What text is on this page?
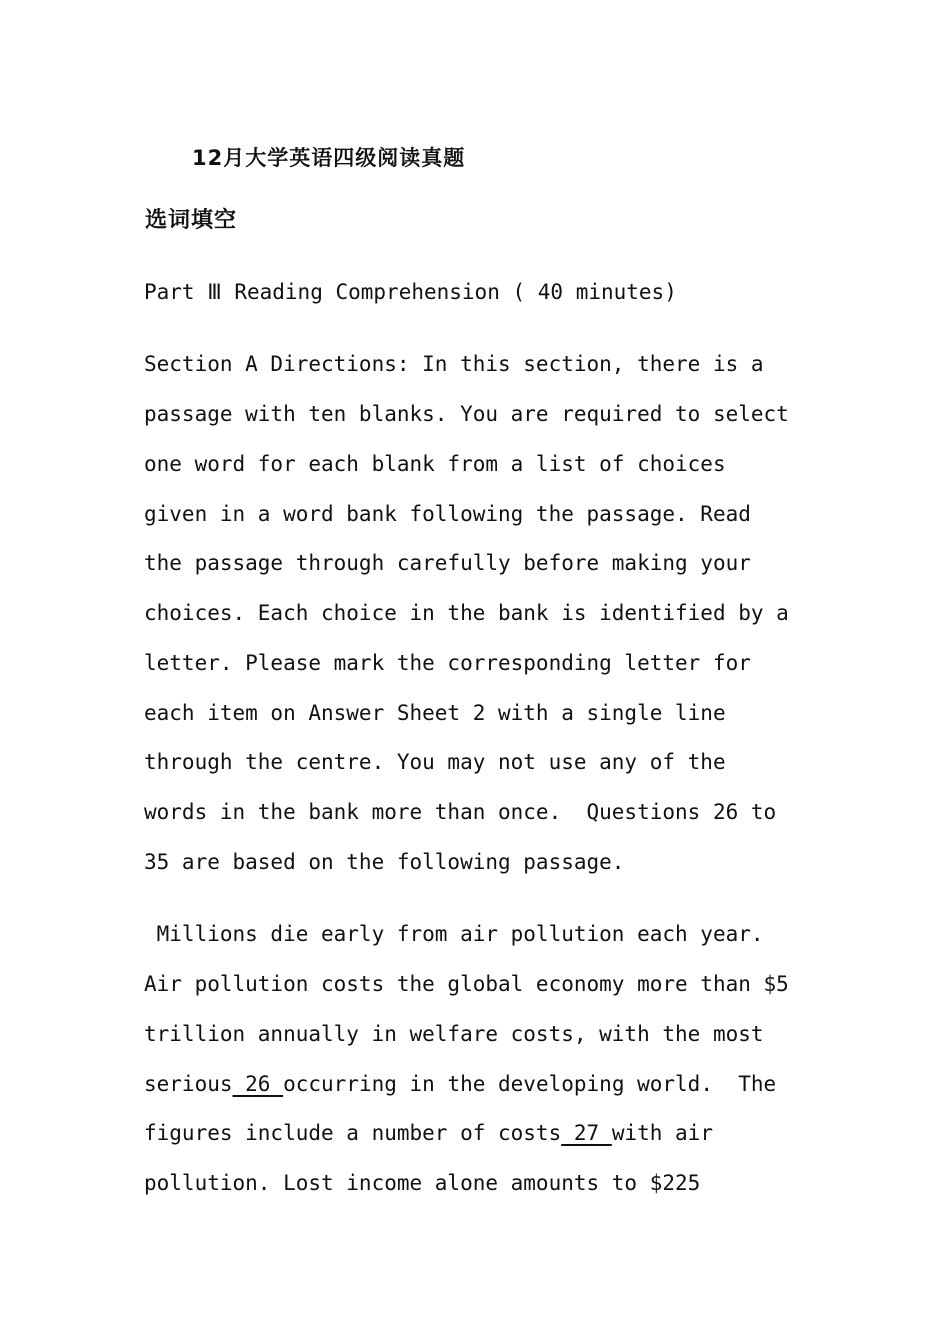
12月大学英语四级阅读真题
选词填空

Part Ⅲ Reading Comprehension ( 40 minutes)

Section A Directions: In this section, there is a

passage with ten blanks. You are required to select

one word for each blank from a list of choices

given in a word bank following the passage. Read

the passage through carefully before making your

choices. Each choice in the bank is identified by a

letter. Please mark the corresponding letter for

each item on Answer Sheet 2 with a single line

through the centre. You may not use any of the

words in the bank more than once.  Questions 26 to

35 are based on the following passage.

Millions die early from air pollution each year.

Air pollution costs the global economy more than $5

trillion annually in welfare costs, with the most

serious 26 occurring in the developing world.  The

figures include a number of costs 27 with air

pollution. Lost income alone amounts to $225
